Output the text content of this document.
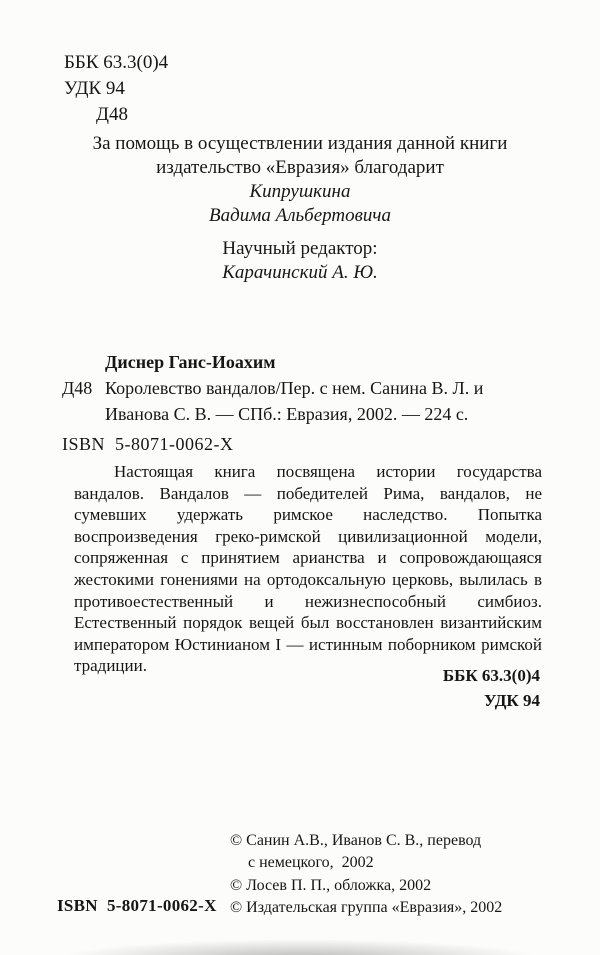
ББК 63.3(0)4
УДК 94
Д48
За помощь в осуществлении издания данной книги
издательство «Евразия» благодарит
Кипрушкина
Вадима Альбертовича
Научный редактор:
Карачинский А. Ю.
Диснер Ганс-Иоахим
Д48 Королевство вандалов/Пер. с нем. Санина В. Л. и
Иванова С. В. — СПб.: Евразия, 2002. — 224 с.
ISBN  5-8071-0062-X

Настоящая книга посвящена истории государства вандалов. Вандалов — победителей Рима, вандалов, не сумевших удержать римское наследство. Попытка воспроизведения греко-римской цивилизационной модели, сопряженная с принятием арианства и сопровождающаяся жестокими гонениями на ортодоксальную церковь, вылилась в противоестественный и нежизнеспособный симбиоз. Естественный порядок вещей был восстановлен византийским императором Юстинианом I — истинным поборником римской традиции.

ББК 63.3(0)4
УДК 94
© Санин А.В., Иванов С. В., перевод
с немецкого,  2002
© Лосев П. П., обложка, 2002
© Издательская группа «Евразия», 2002
ISBN  5-8071-0062-X
